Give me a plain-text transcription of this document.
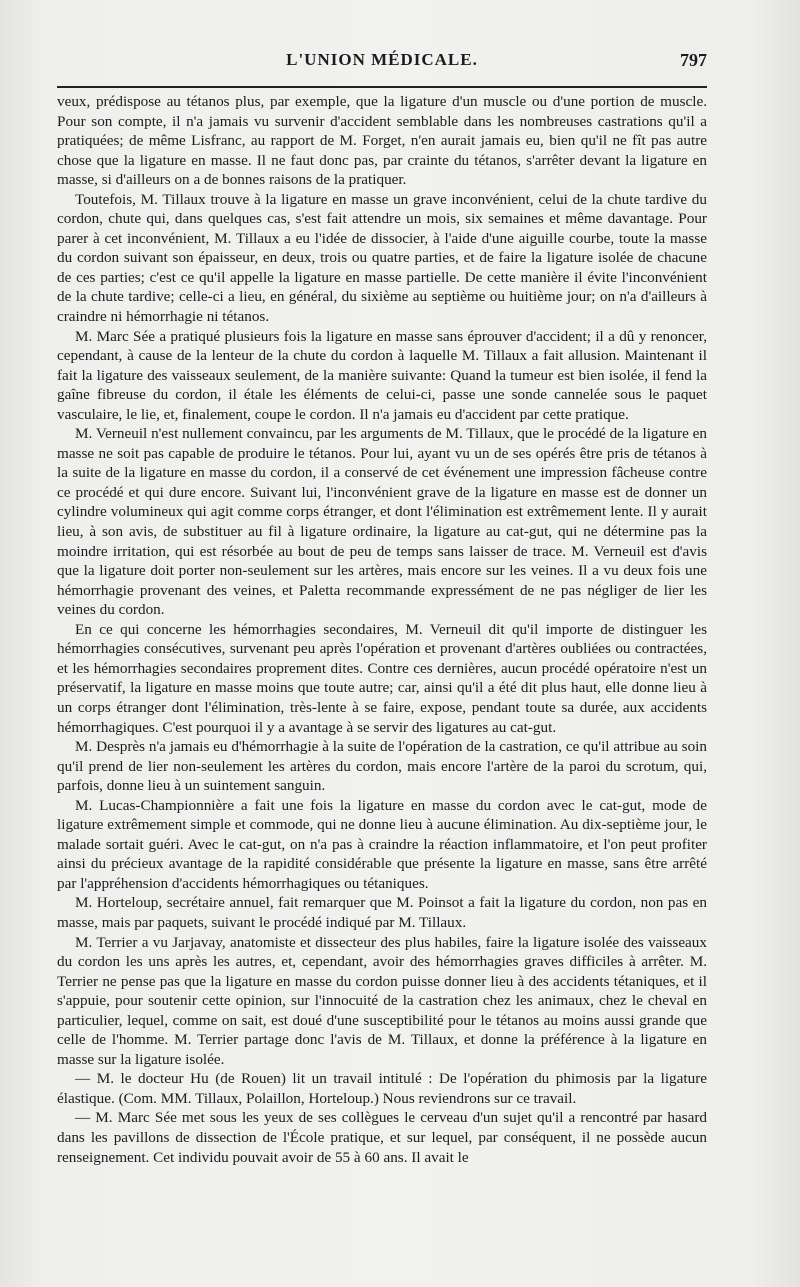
L'UNION MÉDICALE.	797

veux, prédispose au tétanos plus, par exemple, que la ligature d'un muscle ou d'une portion de muscle. Pour son compte, il n'a jamais vu survenir d'accident semblable dans les nombreuses castrations qu'il a pratiquées; de même Lisfranc, au rapport de M. Forget, n'en aurait jamais eu, bien qu'il ne fît pas autre chose que la ligature en masse. Il ne faut donc pas, par crainte du tétanos, s'arrêter devant la ligature en masse, si d'ailleurs on a de bonnes raisons de la pratiquer.

Toutefois, M. Tillaux trouve à la ligature en masse un grave inconvénient, celui de la chute tardive du cordon, chute qui, dans quelques cas, s'est fait attendre un mois, six semaines et même davantage. Pour parer à cet inconvénient, M. Tillaux a eu l'idée de dissocier, à l'aide d'une aiguille courbe, toute la masse du cordon suivant son épaisseur, en deux, trois ou quatre parties, et de faire la ligature isolée de chacune de ces parties; c'est ce qu'il appelle la ligature en masse partielle. De cette manière il évite l'inconvénient de la chute tardive; celle-ci a lieu, en général, du sixième au septième ou huitième jour; on n'a d'ailleurs à craindre ni hémorrhagie ni tétanos.

M. Marc Sée a pratiqué plusieurs fois la ligature en masse sans éprouver d'accident; il a dû y renoncer, cependant, à cause de la lenteur de la chute du cordon à laquelle M. Tillaux a fait allusion. Maintenant il fait la ligature des vaisseaux seulement, de la manière suivante: Quand la tumeur est bien isolée, il fend la gaîne fibreuse du cordon, il étale les éléments de celui-ci, passe une sonde cannelée sous le paquet vasculaire, le lie, et, finalement, coupe le cordon. Il n'a jamais eu d'accident par cette pratique.

M. Verneuil n'est nullement convaincu, par les arguments de M. Tillaux, que le procédé de la ligature en masse ne soit pas capable de produire le tétanos. Pour lui, ayant vu un de ses opérés être pris de tétanos à la suite de la ligature en masse du cordon, il a conservé de cet événement une impression fâcheuse contre ce procédé et qui dure encore. Suivant lui, l'inconvénient grave de la ligature en masse est de donner un cylindre volumineux qui agit comme corps étranger, et dont l'élimination est extrêmement lente. Il y aurait lieu, à son avis, de substituer au fil à ligature ordinaire, la ligature au cat-gut, qui ne détermine pas la moindre irritation, qui est résorbée au bout de peu de temps sans laisser de trace. M. Verneuil est d'avis que la ligature doit porter non-seulement sur les artères, mais encore sur les veines. Il a vu deux fois une hémorrhagie provenant des veines, et Paletta recommande expressément de ne pas négliger de lier les veines du cordon.

En ce qui concerne les hémorrhagies secondaires, M. Verneuil dit qu'il importe de distinguer les hémorrhagies consécutives, survenant peu après l'opération et provenant d'artères oubliées ou contractées, et les hémorrhagies secondaires proprement dites. Contre ces dernières, aucun procédé opératoire n'est un préservatif, la ligature en masse moins que toute autre; car, ainsi qu'il a été dit plus haut, elle donne lieu à un corps étranger dont l'élimination, très-lente à se faire, expose, pendant toute sa durée, aux accidents hémorrhagiques. C'est pourquoi il y a avantage à se servir des ligatures au cat-gut.

M. Desprès n'a jamais eu d'hémorrhagie à la suite de l'opération de la castration, ce qu'il attribue au soin qu'il prend de lier non-seulement les artères du cordon, mais encore l'artère de la paroi du scrotum, qui, parfois, donne lieu à un suintement sanguin.

M. Lucas-Championnière a fait une fois la ligature en masse du cordon avec le cat-gut, mode de ligature extrêmement simple et commode, qui ne donne lieu à aucune élimination. Au dix-septième jour, le malade sortait guéri. Avec le cat-gut, on n'a pas à craindre la réaction inflammatoire, et l'on peut profiter ainsi du précieux avantage de la rapidité considérable que présente la ligature en masse, sans être arrêté par l'appréhension d'accidents hémorrhagiques ou tétaniques.

M. Horteloup, secrétaire annuel, fait remarquer que M. Poinsot a fait la ligature du cordon, non pas en masse, mais par paquets, suivant le procédé indiqué par M. Tillaux.

M. Terrier a vu Jarjavay, anatomiste et dissecteur des plus habiles, faire la ligature isolée des vaisseaux du cordon les uns après les autres, et, cependant, avoir des hémorrhagies graves difficiles à arrêter. M. Terrier ne pense pas que la ligature en masse du cordon puisse donner lieu à des accidents tétaniques, et il s'appuie, pour soutenir cette opinion, sur l'innocuité de la castration chez les animaux, chez le cheval en particulier, lequel, comme on sait, est doué d'une susceptibilité pour le tétanos au moins aussi grande que celle de l'homme. M. Terrier partage donc l'avis de M. Tillaux, et donne la préférence à la ligature en masse sur la ligature isolée.

— M. le docteur Hu (de Rouen) lit un travail intitulé : De l'opération du phimosis par la ligature élastique. (Com. MM. Tillaux, Polaillon, Horteloup.) Nous reviendrons sur ce travail.

— M. Marc Sée met sous les yeux de ses collègues le cerveau d'un sujet qu'il a rencontré par hasard dans les pavillons de dissection de l'École pratique, et sur lequel, par conséquent, il ne possède aucun renseignement. Cet individu pouvait avoir de 55 à 60 ans. Il avait le
